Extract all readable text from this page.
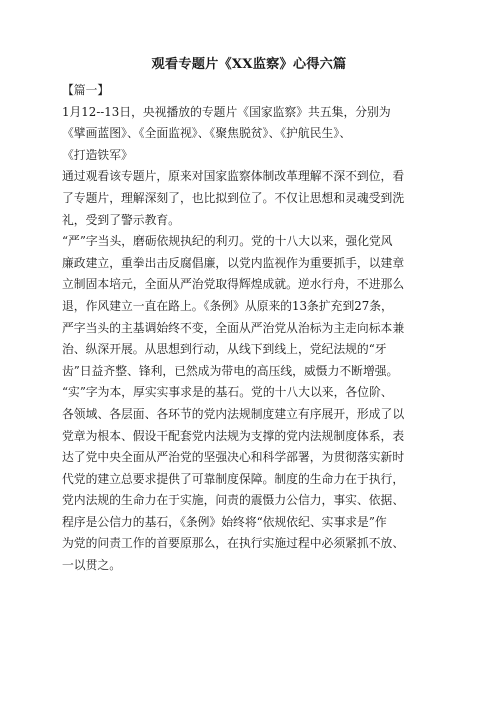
观看专题片《XX监察》心得六篇

【篇一】

1月12--13日，央视播放的专题片《国家监察》共五集，分别为
《擘画蓝图》、《全面监视》、《聚焦脱贫》、《护航民生》、
《打造铁军》

通过观看该专题片，原来对国家监察体制改革理解不深不到位，看
了专题片，理解深刻了，也比拟到位了。不仅让思想和灵魂受到洗
礼，受到了警示教育。

“严”字当头，磨砺依规执纪的利刃。党的十八大以来，强化党风
廉政建立，重拳出击反腐倡廉，以党内监视作为重要抓手，以建章
立制固本培元，全面从严治党取得辉煌成就。逆水行舟，不进那么
退，作风建立一直在路上。《条例》从原来的13条扩充到27条，
严字当头的主基调始终不变，全面从严治党从治标为主走向标本兼
治、纵深开展。从思想到行动，从线下到线上，党纪法规的“牙
齿”日益齐整、锋利，已然成为带电的高压线，威慑力不断增强。

“实”字为本，厚实实事求是的基石。党的十八大以来，各位阶、
各领域、各层面、各环节的党内法规制度建立有序展开，形成了以
党章为根本、假设干配套党内法规为支撑的党内法规制度体系，表
达了党中央全面从严治党的坚强决心和科学部署，为贯彻落实新时
代党的建立总要求提供了可靠制度保障。制度的生命力在于执行，
党内法规的生命力在于实施，问责的震慑力公信力，事实、依据、
程序是公信力的基石，《条例》始终将“依规依纪、实事求是”作
为党的问责工作的首要原那么，在执行实施过程中必须紧抓不放、
一以贯之。
